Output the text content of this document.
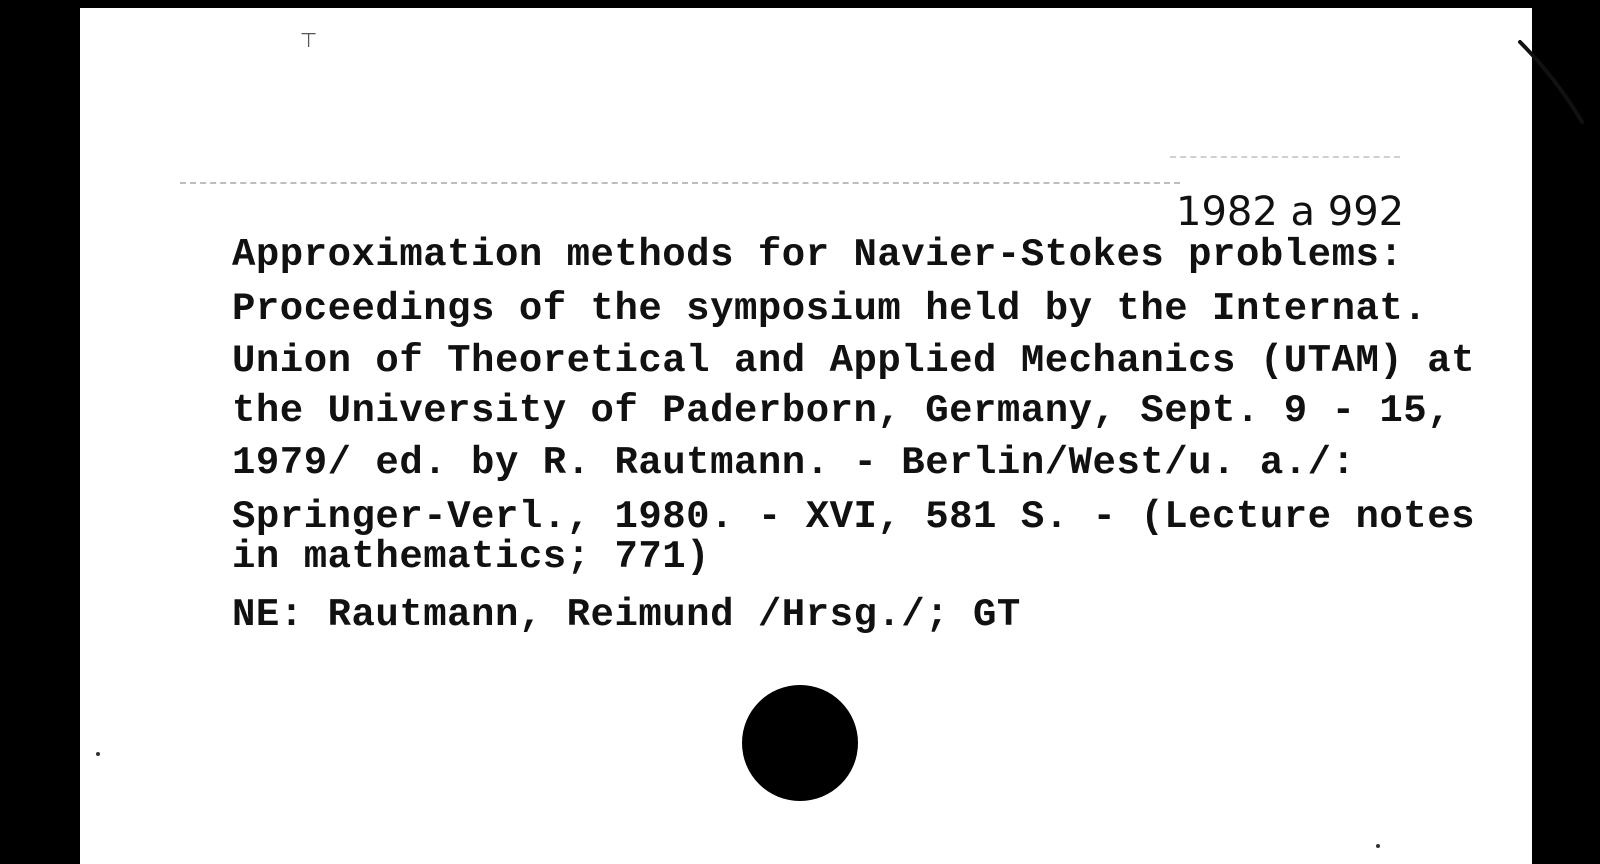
⊤
1982 a 992
Approximation methods for Navier-Stokes problems:
Proceedings of the symposium held by the Internat.
Union of Theoretical and Applied Mechanics (UTAM) at
the University of Paderborn, Germany, Sept. 9 - 15,
1979/ ed. by R. Rautmann. - Berlin/West/u. a./:
Springer-Verl., 1980. - XVI, 581 S. - (Lecture notes
in mathematics; 771)
NE: Rautmann, Reimund /Hrsg./; GT
